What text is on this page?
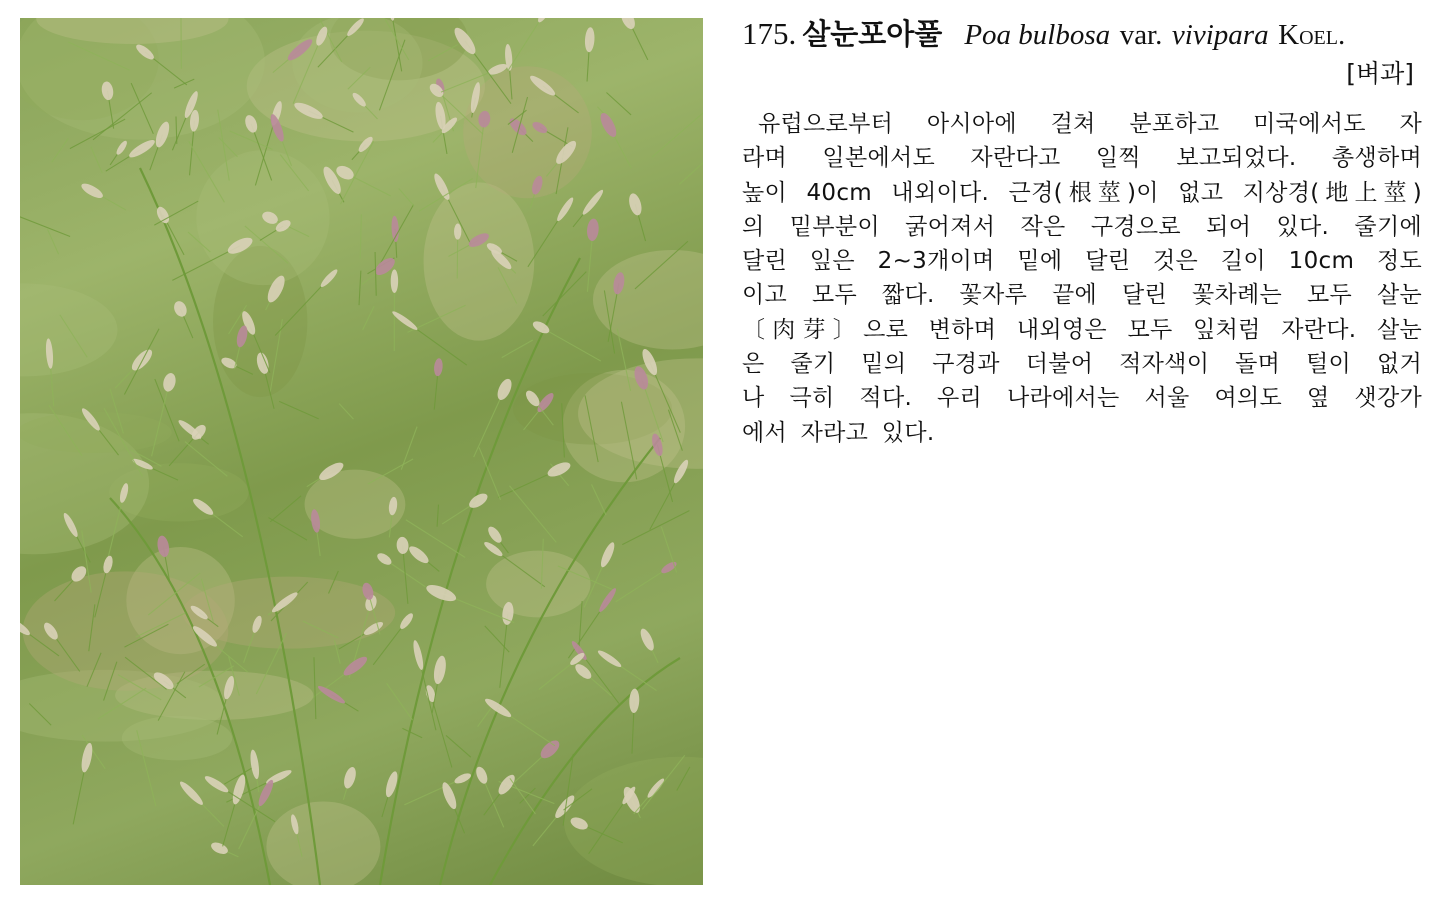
175. 살눈포아풀 Poa bulbosa var. vivipara Koel.
[벼과]
유럽으로부터 아시아에 걸쳐 분포하고 미국에서도 자
라며 일본에서도 자란다고 일찍 보고되었다. 총생하며
높이 40cm 내외이다. 근경(根莖)이 없고 지상경(地上莖)
의 밑부분이 굵어져서 작은 구경으로 되어 있다. 줄기에
달린 잎은 2~3개이며 밑에 달린 것은 길이 10cm 정도
이고 모두 짧다. 꽃자루 끝에 달린 꽃차례는 모두 살눈
〔肉芽〕으로 변하며 내외영은 모두 잎처럼 자란다. 살눈
은 줄기 밑의 구경과 더불어 적자색이 돌며 털이 없거
나 극히 적다. 우리 나라에서는 서울 여의도 옆 샛강가
에서 자라고 있다.
